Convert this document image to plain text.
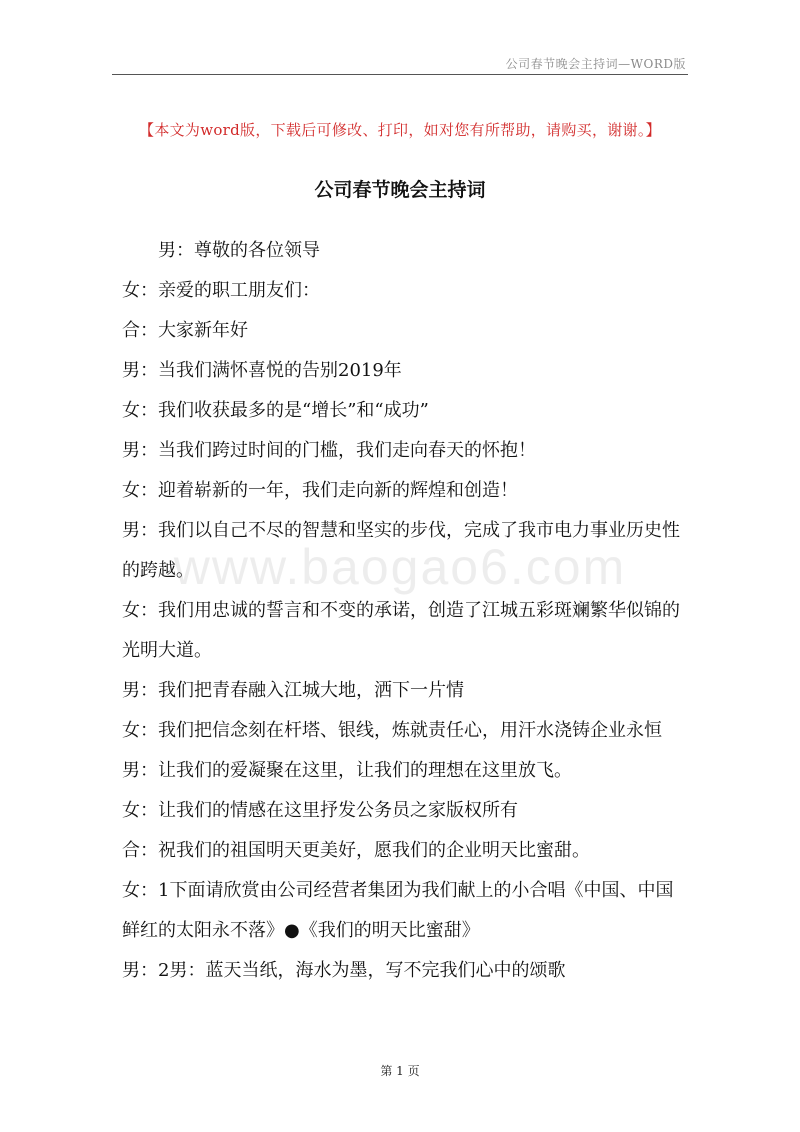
公司春节晚会主持词—WORD版
【本文为word版，下载后可修改、打印，如对您有所帮助，请购买，谢谢。】
公司春节晚会主持词
www.baogao6.com

男：尊敬的各位领导

女：亲爱的职工朋友们：

合：大家新年好

男：当我们满怀喜悦的告别2019年

女：我们收获最多的是“增长”和“成功”

男：当我们跨过时间的门槛，我们走向春天的怀抱！

女：迎着崭新的一年，我们走向新的辉煌和创造！

男：我们以自己不尽的智慧和坚实的步伐，完成了我市电力事业历史性的跨越。

女：我们用忠诚的誓言和不变的承诺，创造了江城五彩斑斓繁华似锦的光明大道。

男：我们把青春融入江城大地，洒下一片情

女：我们把信念刻在杆塔、银线，炼就责任心，用汗水浇铸企业永恒

男：让我们的爱凝聚在这里，让我们的理想在这里放飞。

女：让我们的情感在这里抒发公务员之家版权所有

合：祝我们的祖国明天更美好，愿我们的企业明天比蜜甜。

女：1下面请欣赏由公司经营者集团为我们献上的小合唱《中国、中国鲜红的太阳永不落》●《我们的明天比蜜甜》

男：2男：蓝天当纸，海水为墨，写不完我们心中的颂歌

第 1 页
